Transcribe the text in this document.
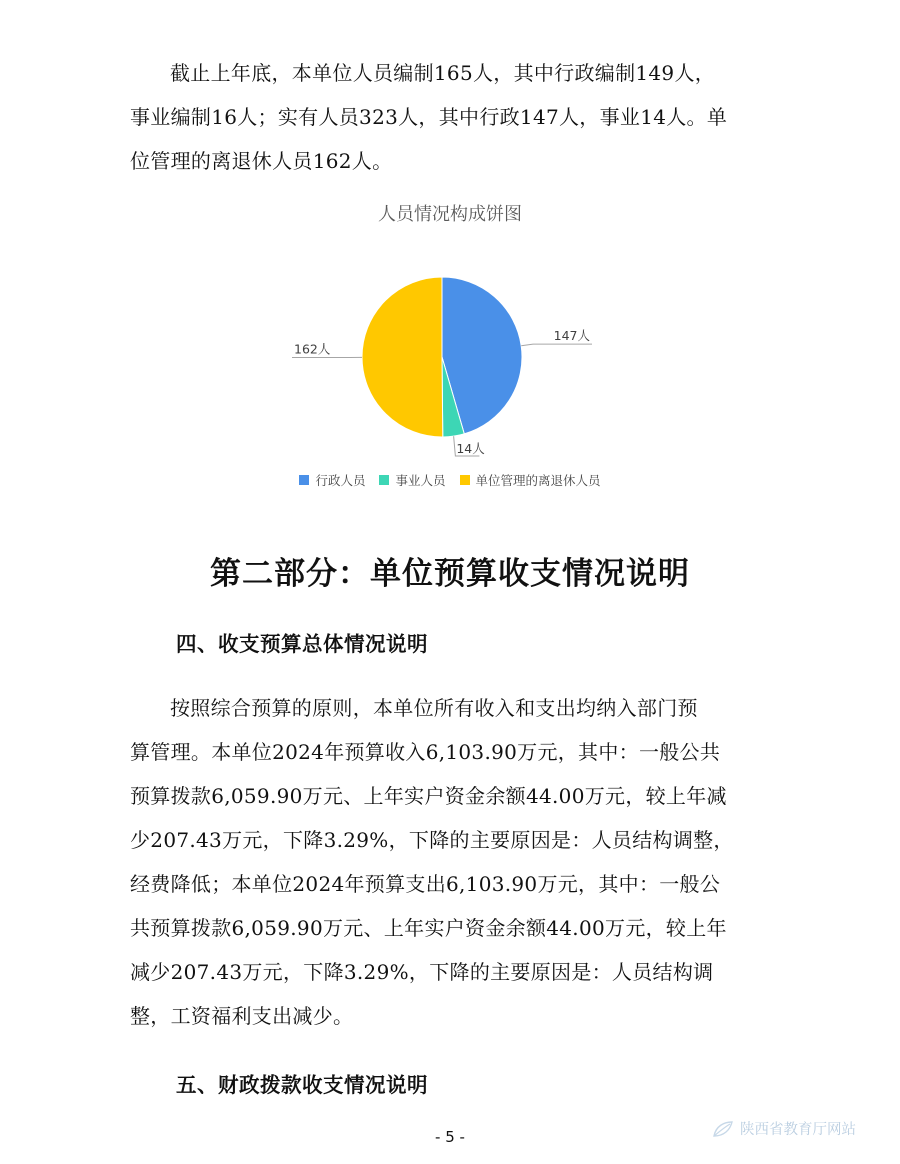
截止上年底，本单位人员编制165人，其中行政编制149人，
事业编制16人；实有人员323人，其中行政147人，事业14人。单
位管理的离退休人员162人。
人员情况构成饼图
147人
14人
162人
行政人员 事业人员 单位管理的离退休人员
第二部分：单位预算收支情况说明
四、收支预算总体情况说明
按照综合预算的原则，本单位所有收入和支出均纳入部门预
算管理。本单位2024年预算收入6,103.90万元，其中：一般公共
预算拨款6,059.90万元、上年实户资金余额44.00万元，较上年减
少207.43万元，下降3.29%，下降的主要原因是：人员结构调整，
经费降低；本单位2024年预算支出6,103.90万元，其中：一般公
共预算拨款6,059.90万元、上年实户资金余额44.00万元，较上年
减少207.43万元，下降3.29%，下降的主要原因是：人员结构调
整，工资福利支出减少。
五、财政拨款收支情况说明
- 5 -	陕西省教育厅网站
